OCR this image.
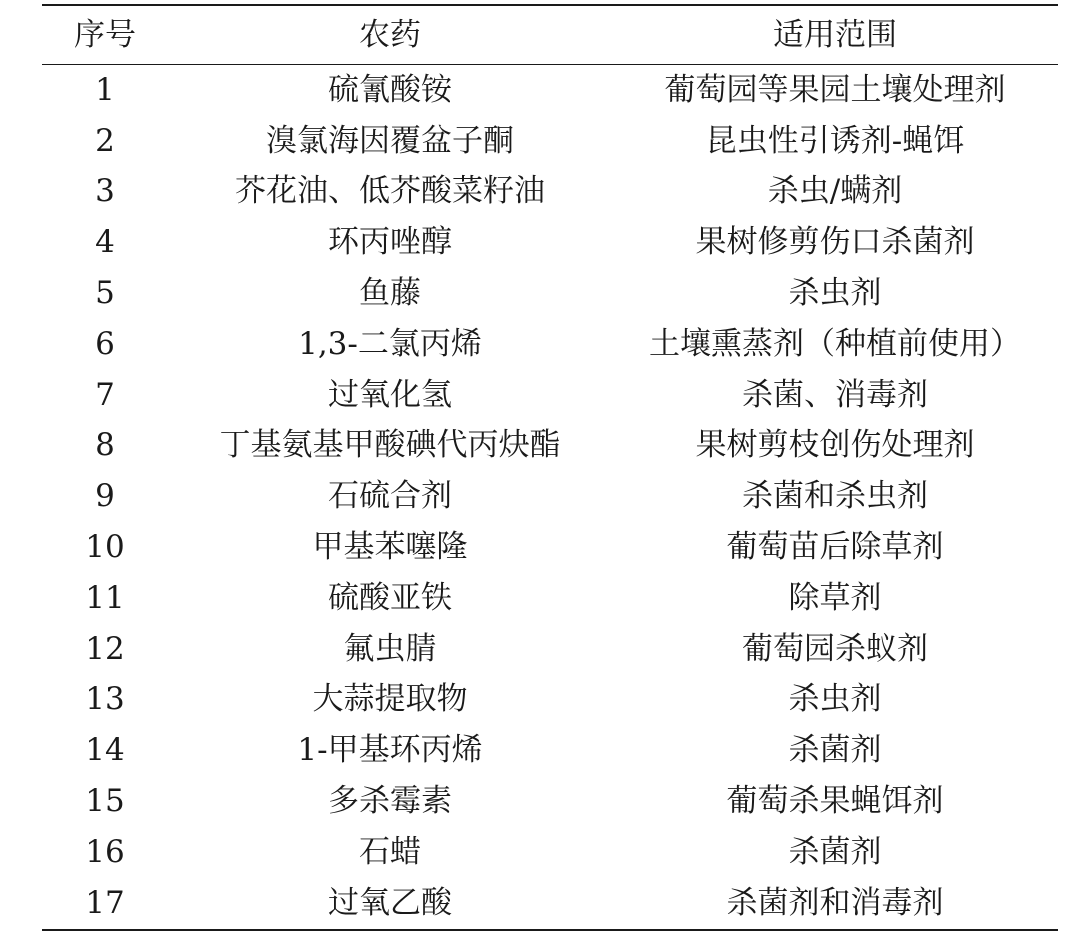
序号	农药	适用范围
1	硫氰酸铵	葡萄园等果园土壤处理剂
2	溴氯海因覆盆子酮	昆虫性引诱剂-蝇饵
3	芥花油、低芥酸菜籽油	杀虫/螨剂
4	环丙唑醇	果树修剪伤口杀菌剂
5	鱼藤	杀虫剂
6	1,3-二氯丙烯	土壤熏蒸剂（种植前使用）
7	过氧化氢	杀菌、消毒剂
8	丁基氨基甲酸碘代丙炔酯	果树剪枝创伤处理剂
9	石硫合剂	杀菌和杀虫剂
10	甲基苯噻隆	葡萄苗后除草剂
11	硫酸亚铁	除草剂
12	氟虫腈	葡萄园杀蚁剂
13	大蒜提取物	杀虫剂
14	1-甲基环丙烯	杀菌剂
15	多杀霉素	葡萄杀果蝇饵剂
16	石蜡	杀菌剂
17	过氧乙酸	杀菌剂和消毒剂
